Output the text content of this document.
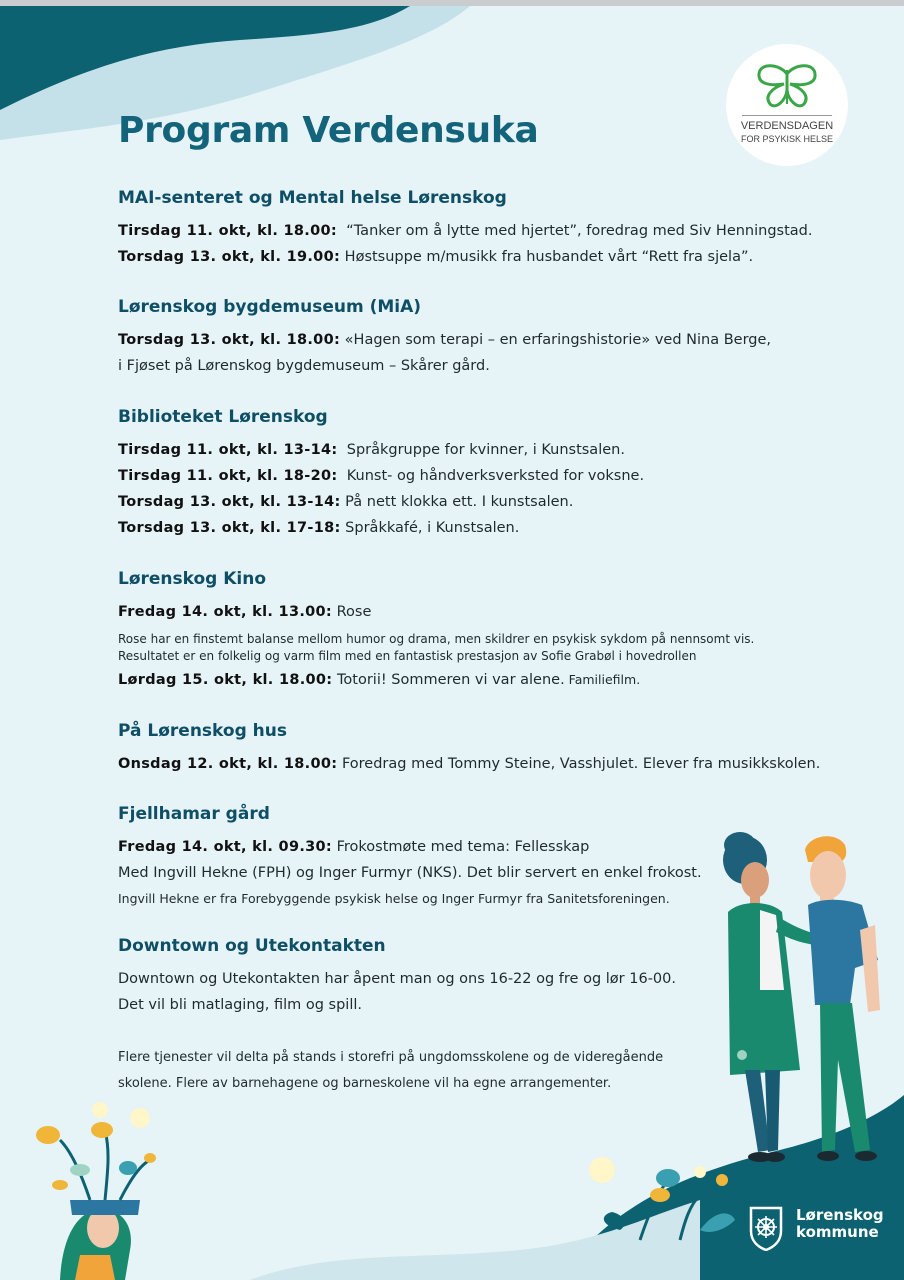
Program Verdensuka	VERDENSDAGEN
FOR PSYKISK HELSE
MAI-senteret og Mental helse Lørenskog
Tirsdag 11. okt, kl. 18.00:  “Tanker om å lytte med hjertet”, foredrag med Siv Henningstad.
Torsdag 13. okt, kl. 19.00: Høstsuppe m/musikk fra husbandet vårt “Rett fra sjela”.
Lørenskog bygdemuseum (MiA)
Torsdag 13. okt, kl. 18.00: «Hagen som terapi – en erfaringshistorie» ved Nina Berge,
i Fjøset på Lørenskog bygdemuseum – Skårer gård.
Biblioteket Lørenskog
Tirsdag 11. okt, kl. 13-14:  Språkgruppe for kvinner, i Kunstsalen.
Tirsdag 11. okt, kl. 18-20:  Kunst- og håndverksverksted for voksne.
Torsdag 13. okt, kl. 13-14: På nett klokka ett. I kunstsalen.
Torsdag 13. okt, kl. 17-18: Språkkafé, i Kunstsalen.
Lørenskog Kino
Fredag 14. okt, kl. 13.00: Rose
Rose har en finstemt balanse mellom humor og drama, men skildrer en psykisk sykdom på nennsomt vis.
Resultatet er en folkelig og varm film med en fantastisk prestasjon av Sofie Grabøl i hovedrollen
Lørdag 15. okt, kl. 18.00: Totorii! Sommeren vi var alene. Familiefilm.
På Lørenskog hus
Onsdag 12. okt, kl. 18.00: Foredrag med Tommy Steine, Vasshjulet. Elever fra musikkskolen.
Fjellhamar gård
Fredag 14. okt, kl. 09.30: Frokostmøte med tema: Fellesskap
Med Ingvill Hekne (FPH) og Inger Furmyr (NKS). Det blir servert en enkel frokost.
Ingvill Hekne er fra Forebyggende psykisk helse og Inger Furmyr fra Sanitetsforeningen.
Downtown og Utekontakten
Downtown og Utekontakten har åpent man og ons 16-22 og fre og lør 16-00.
Det vil bli matlaging, film og spill.
Flere tjenester vil delta på stands i storefri på ungdomsskolene og de videregående
skolene. Flere av barnehagene og barneskolene vil ha egne arrangementer.
Lørenskog
kommune
